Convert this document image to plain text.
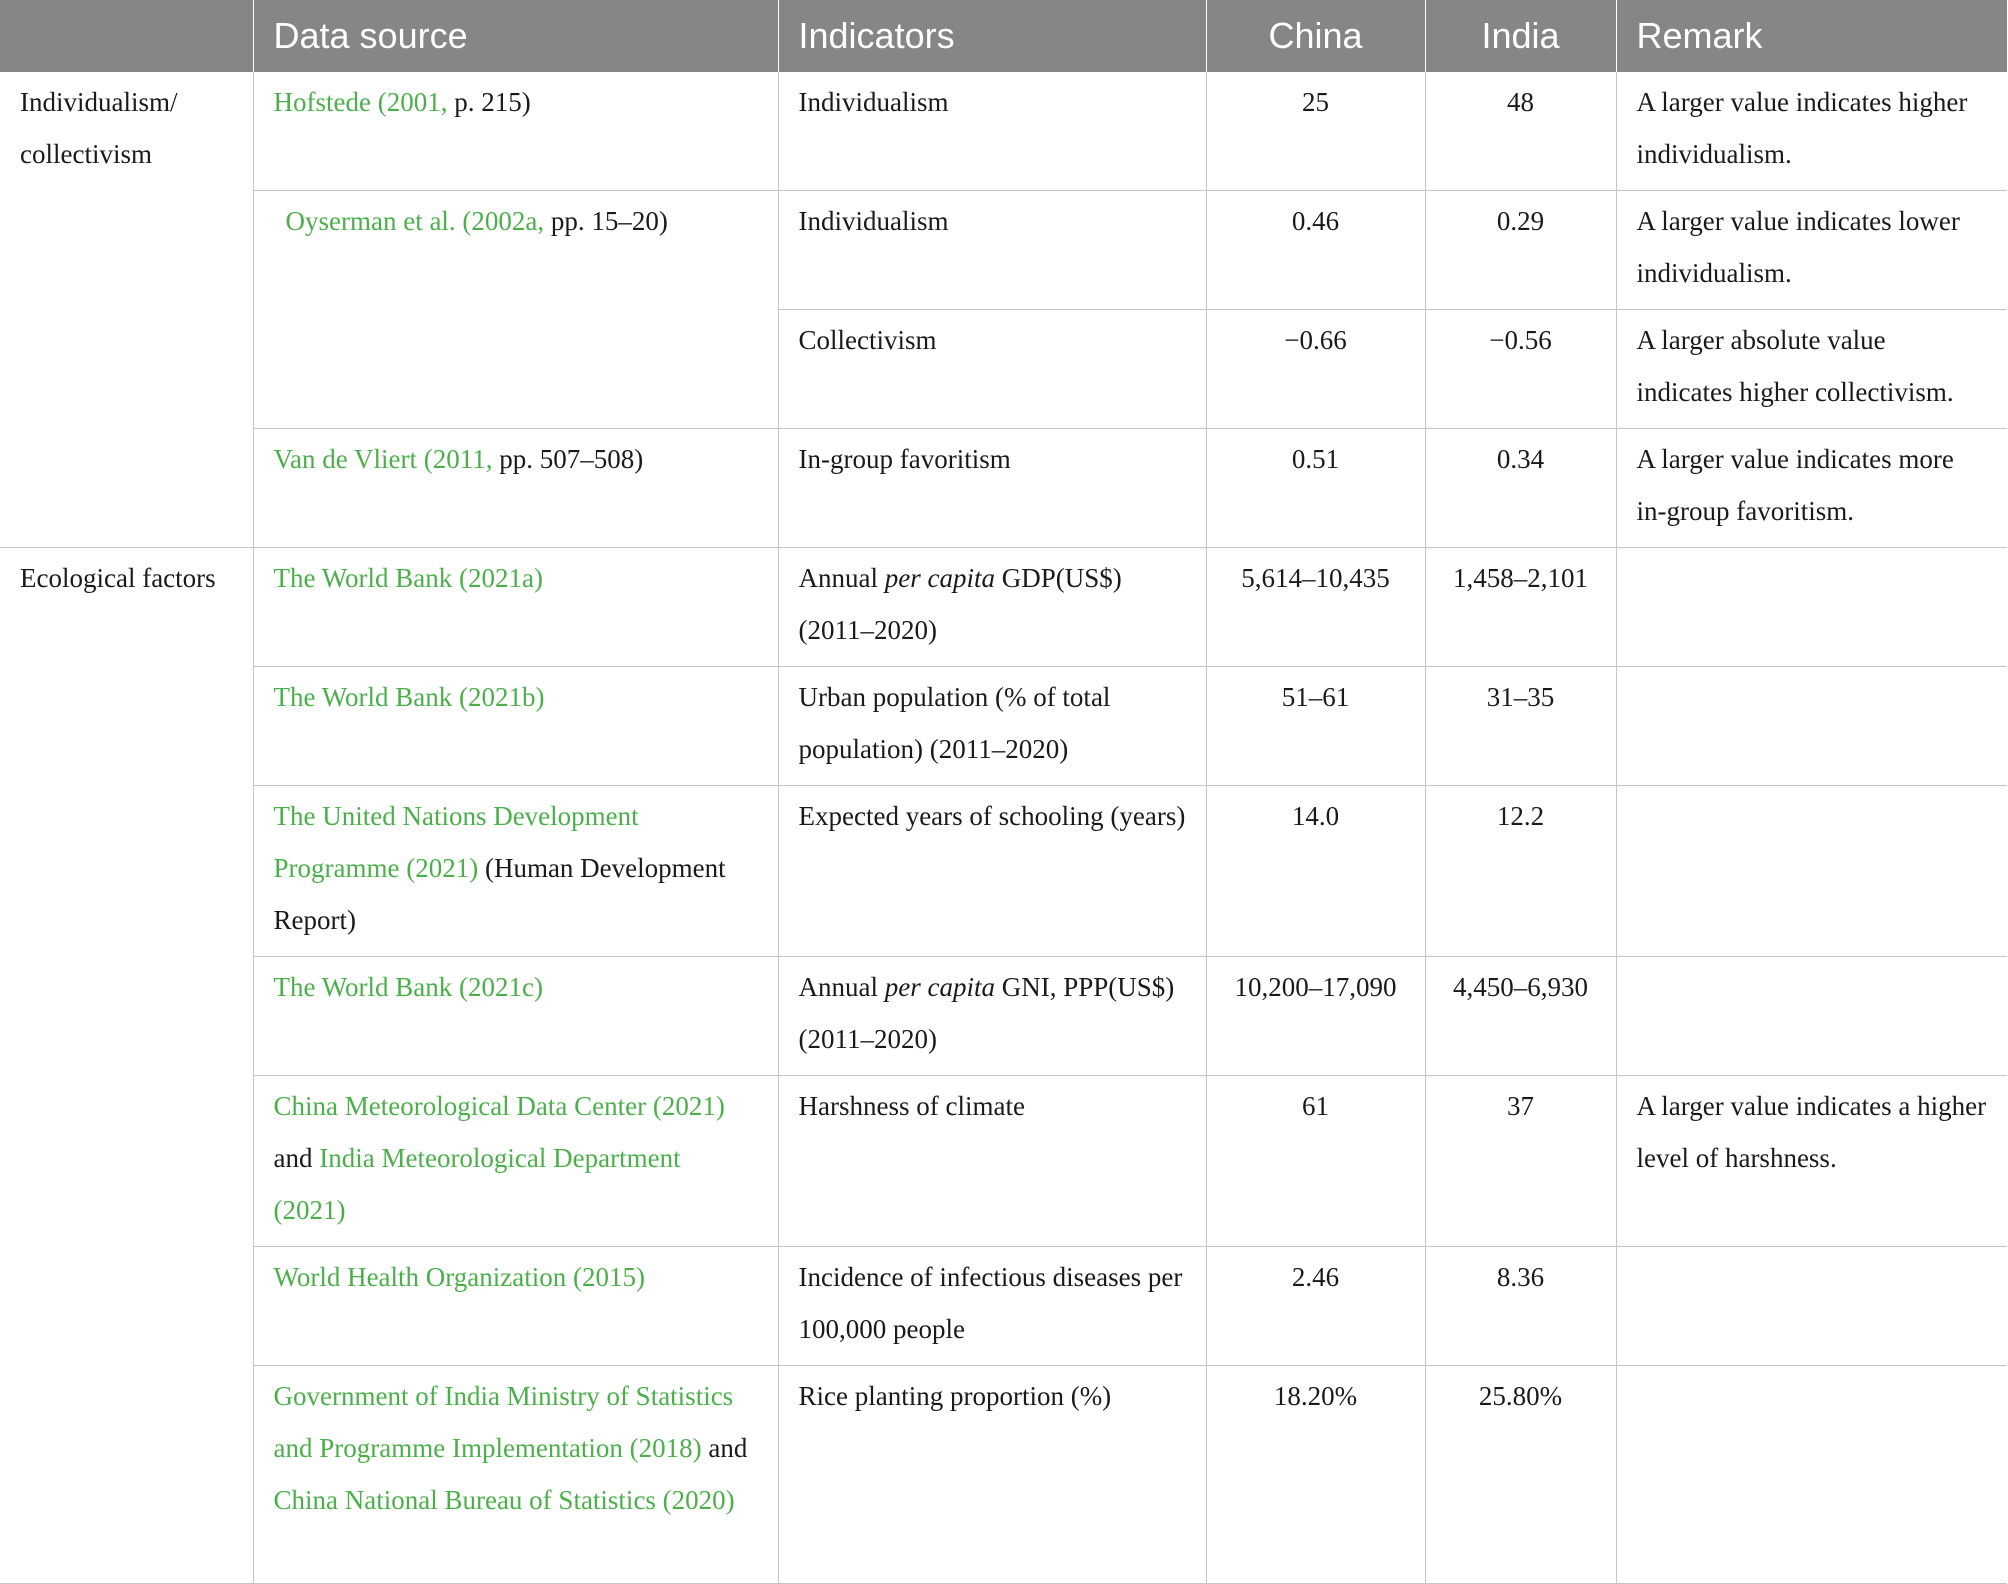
	Data source	Indicators	China	India	Remark
Individualism/ collectivism	Hofstede (2001, p. 215)	Individualism	25	48	A larger value indicates higher individualism.
	Oyserman et al. (2002a, pp. 15–20)	Individualism	0.46	0.29	A larger value indicates lower individualism.
		Collectivism	−0.66	−0.56	A larger absolute value indicates higher collectivism.
	Van de Vliert (2011, pp. 507–508)	In-group favoritism	0.51	0.34	A larger value indicates more in-group favoritism.
Ecological factors	The World Bank (2021a)	Annual per capita GDP(US$) (2011–2020)	5,614–10,435	1,458–2,101	
	The World Bank (2021b)	Urban population (% of total population) (2011–2020)	51–61	31–35	
	The United Nations Development Programme (2021) (Human Development Report)	Expected years of schooling (years)	14.0	12.2	
	The World Bank (2021c)	Annual per capita GNI, PPP(US$) (2011–2020)	10,200–17,090	4,450–6,930	
	China Meteorological Data Center (2021) and India Meteorological Department (2021)	Harshness of climate	61	37	A larger value indicates a higher level of harshness.
	World Health Organization (2015)	Incidence of infectious diseases per 100,000 people	2.46	8.36	
	Government of India Ministry of Statistics and Programme Implementation (2018) and China National Bureau of Statistics (2020)	Rice planting proportion (%)	18.20%	25.80%	
